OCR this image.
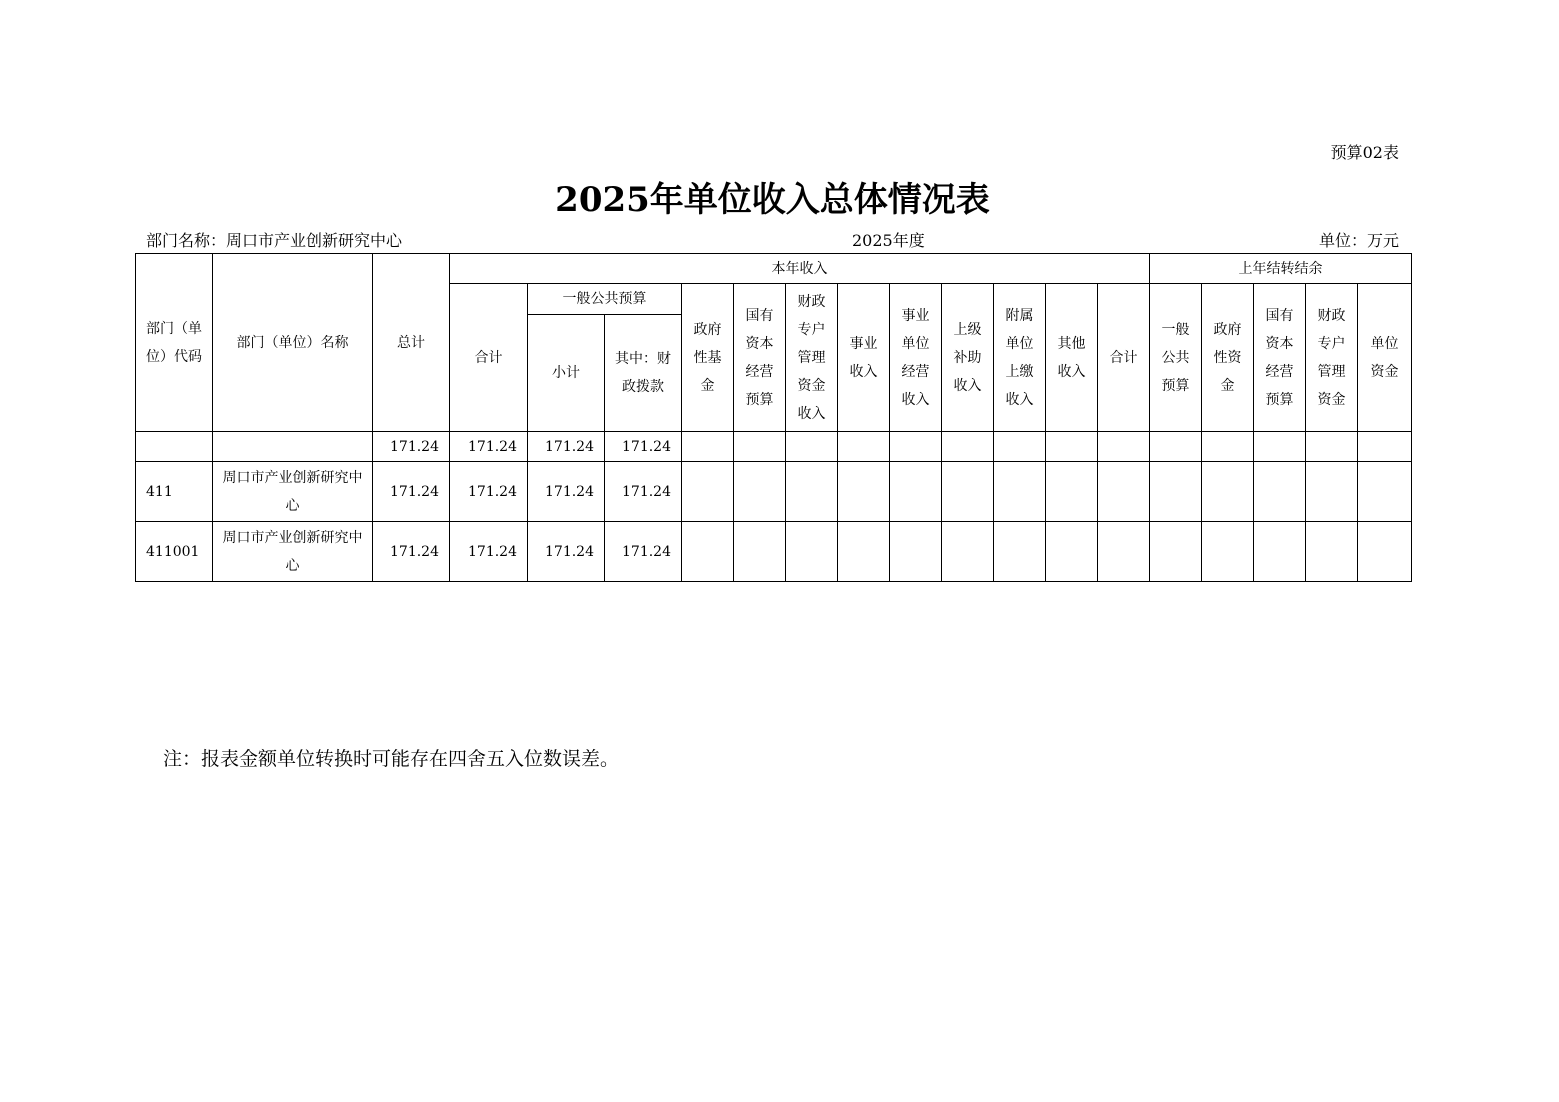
预算02表
2025年单位收入总体情况表
部门名称：周口市产业创新研究中心	2025年度	单位：万元
部门（单位）代码	部门（单位）名称	总计	本年收入												上年结转结余				
			合计	一般公共预算		政府性基金	国有资本经营预算	财政专户管理资金收入	事业收入	事业单位经营收入	上级补助收入	附属单位上缴收入	其他收入	合计	一般公共预算	政府性资金	国有资本经营预算	财政专户管理资金	单位资金
				小计	其中：财政拨款														
		171.24	171.24	171.24	171.24														
411	周口市产业创新研究中心	171.24	171.24	171.24	171.24														
411001	周口市产业创新研究中心	171.24	171.24	171.24	171.24														
注：报表金额单位转换时可能存在四舍五入位数误差。
